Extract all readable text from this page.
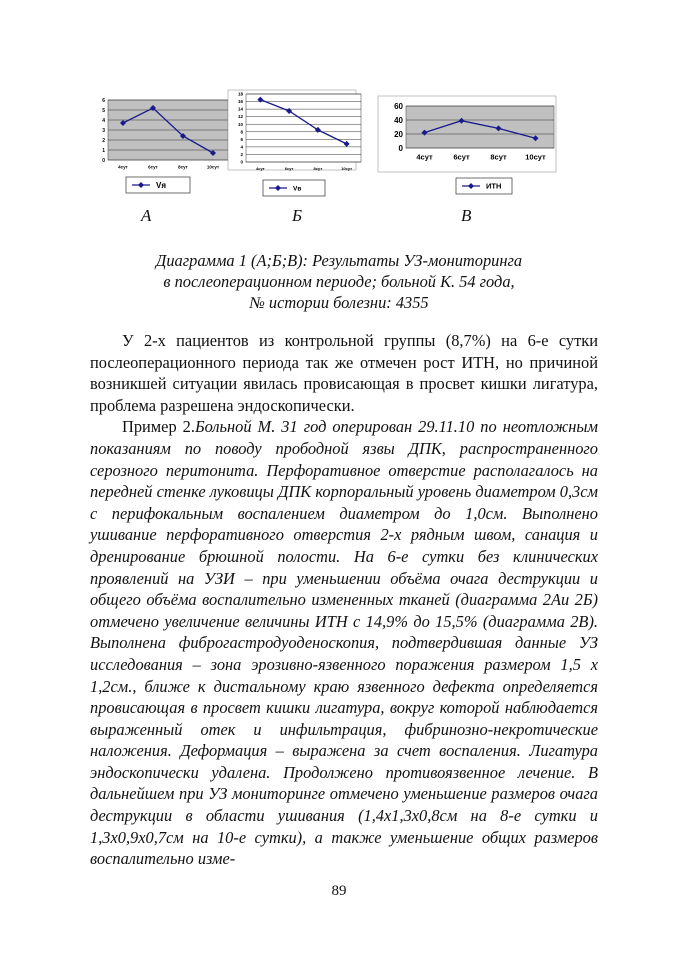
0
1
2
3
4
5
6
4сут	6сут	8сут	10сут
Vя
0
2
4
6
8
10
12
14
16
18
4сут	6сут	8сут	10сут
Vв
0
20
40
60
4сут	6сут	8сут 10сут
ИТН
А	Б	В
Диаграмма 1 (А;Б;В): Результаты УЗ-мониторинга
в послеоперационном периоде; больной К. 54 года,
№ истории болезни: 4355

У 2-х пациентов из контрольной группы (8,7%) на 6-е сутки послеоперационного периода так же отмечен рост ИТН, но причиной возникшей ситуации явилась провисающая в просвет кишки лигатура, проблема разрешена эндоскопически.

Пример 2.Больной М. 31 год оперирован 29.11.10 по неотложным показаниям по поводу прободной язвы ДПК, распространенного серозного перитонита. Перфоративное отверстие располагалось на передней стенке луковицы ДПК корпоральный уровень диаметром 0,3см с перифокальным воспалением диаметром до 1,0см. Выполнено ушивание перфоративного отверстия 2-х рядным швом, санация и дренирование брюшной полости. На 6-е сутки без клинических проявлений на УЗИ – при уменьшении объёма очага деструкции и общего объёма воспалительно измененных тканей (диаграмма 2Аи 2Б) отмечено увеличение величины ИТН с 14,9% до 15,5% (диаграмма 2В). Выполнена фиброгастродуоденоскопия, подтвердившая данные УЗ исследования – зона эрозивно-язвенного поражения размером 1,5 х 1,2см., ближе к дистальному краю язвенного дефекта определяется провисающая в просвет кишки лигатура, вокруг которой наблюдается выраженный отек и инфильтрация, фибринозно-некротические наложения. Деформация – выражена за счет воспаления. Лигатура эндоскопически удалена. Продолжено противоязвенное лечение. В дальнейшем при УЗ мониторинге отмечено уменьшение размеров очага деструкции в области ушивания (1,4х1,3х0,8см на 8-е сутки и 1,3х0,9х0,7см на 10-е сутки), а также уменьшение общих размеров воспалительно изме-

89
